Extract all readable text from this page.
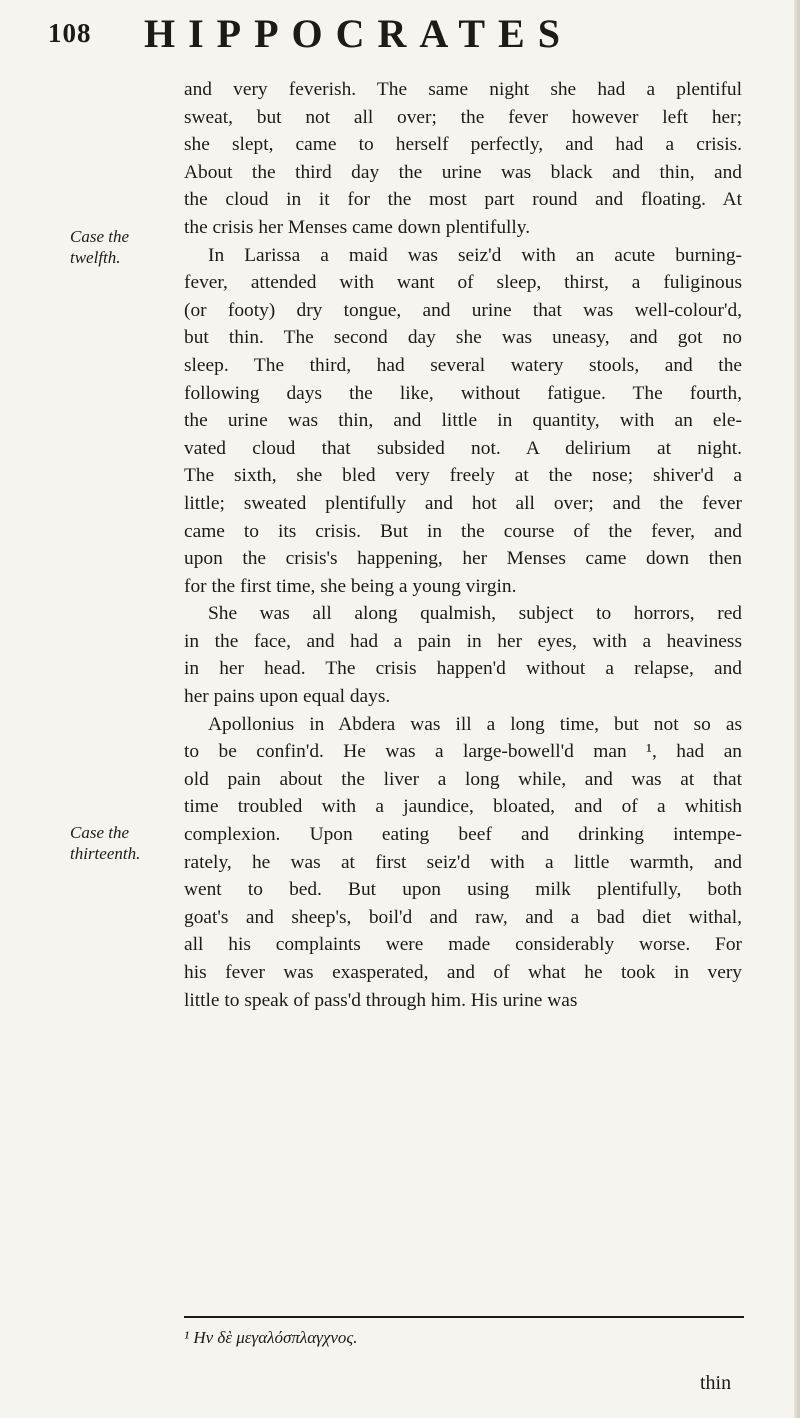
108 HIPPOCRATES
Case the
twelfth.
Case the
thirteenth.

and very feverish. The same night she had a plentiful
sweat, but not all over; the fever however left her;
she slept, came to herself perfectly, and had a crisis.
About the third day the urine was black and thin, and
the cloud in it for the most part round and floating. At
the crisis her Menses came down plentifully.

In Larissa a maid was seiz'd with an acute burning-
fever, attended with want of sleep, thirst, a fuliginous
(or footy) dry tongue, and urine that was well-colour'd,
but thin. The second day she was uneasy, and got no
sleep. The third, had several watery stools, and the
following days the like, without fatigue. The fourth,
the urine was thin, and little in quantity, with an ele-
vated cloud that subsided not. A delirium at night.
The sixth, she bled very freely at the nose; shiver'd a
little; sweated plentifully and hot all over; and the fever
came to its crisis. But in the course of the fever, and
upon the crisis's happening, her Menses came down then
for the first time, she being a young virgin.

She was all along qualmish, subject to horrors, red
in the face, and had a pain in her eyes, with a heaviness
in her head. The crisis happen'd without a relapse, and
her pains upon equal days.

Apollonius in Abdera was ill a long time, but not so as
to be confin'd. He was a large-bowell'd man ¹, had an
old pain about the liver a long while, and was at that
time troubled with a jaundice, bloated, and of a whitish
complexion. Upon eating beef and drinking intempe-
rately, he was at first seiz'd with a little warmth, and
went to bed. But upon using milk plentifully, both
goat's and sheep's, boil'd and raw, and a bad diet withal,
all his complaints were made considerably worse. For
his fever was exasperated, and of what he took in very
little to speak of pass'd through him. His urine was

¹ Hν δὲ μεγαλόσπλαγχνος.
thin
